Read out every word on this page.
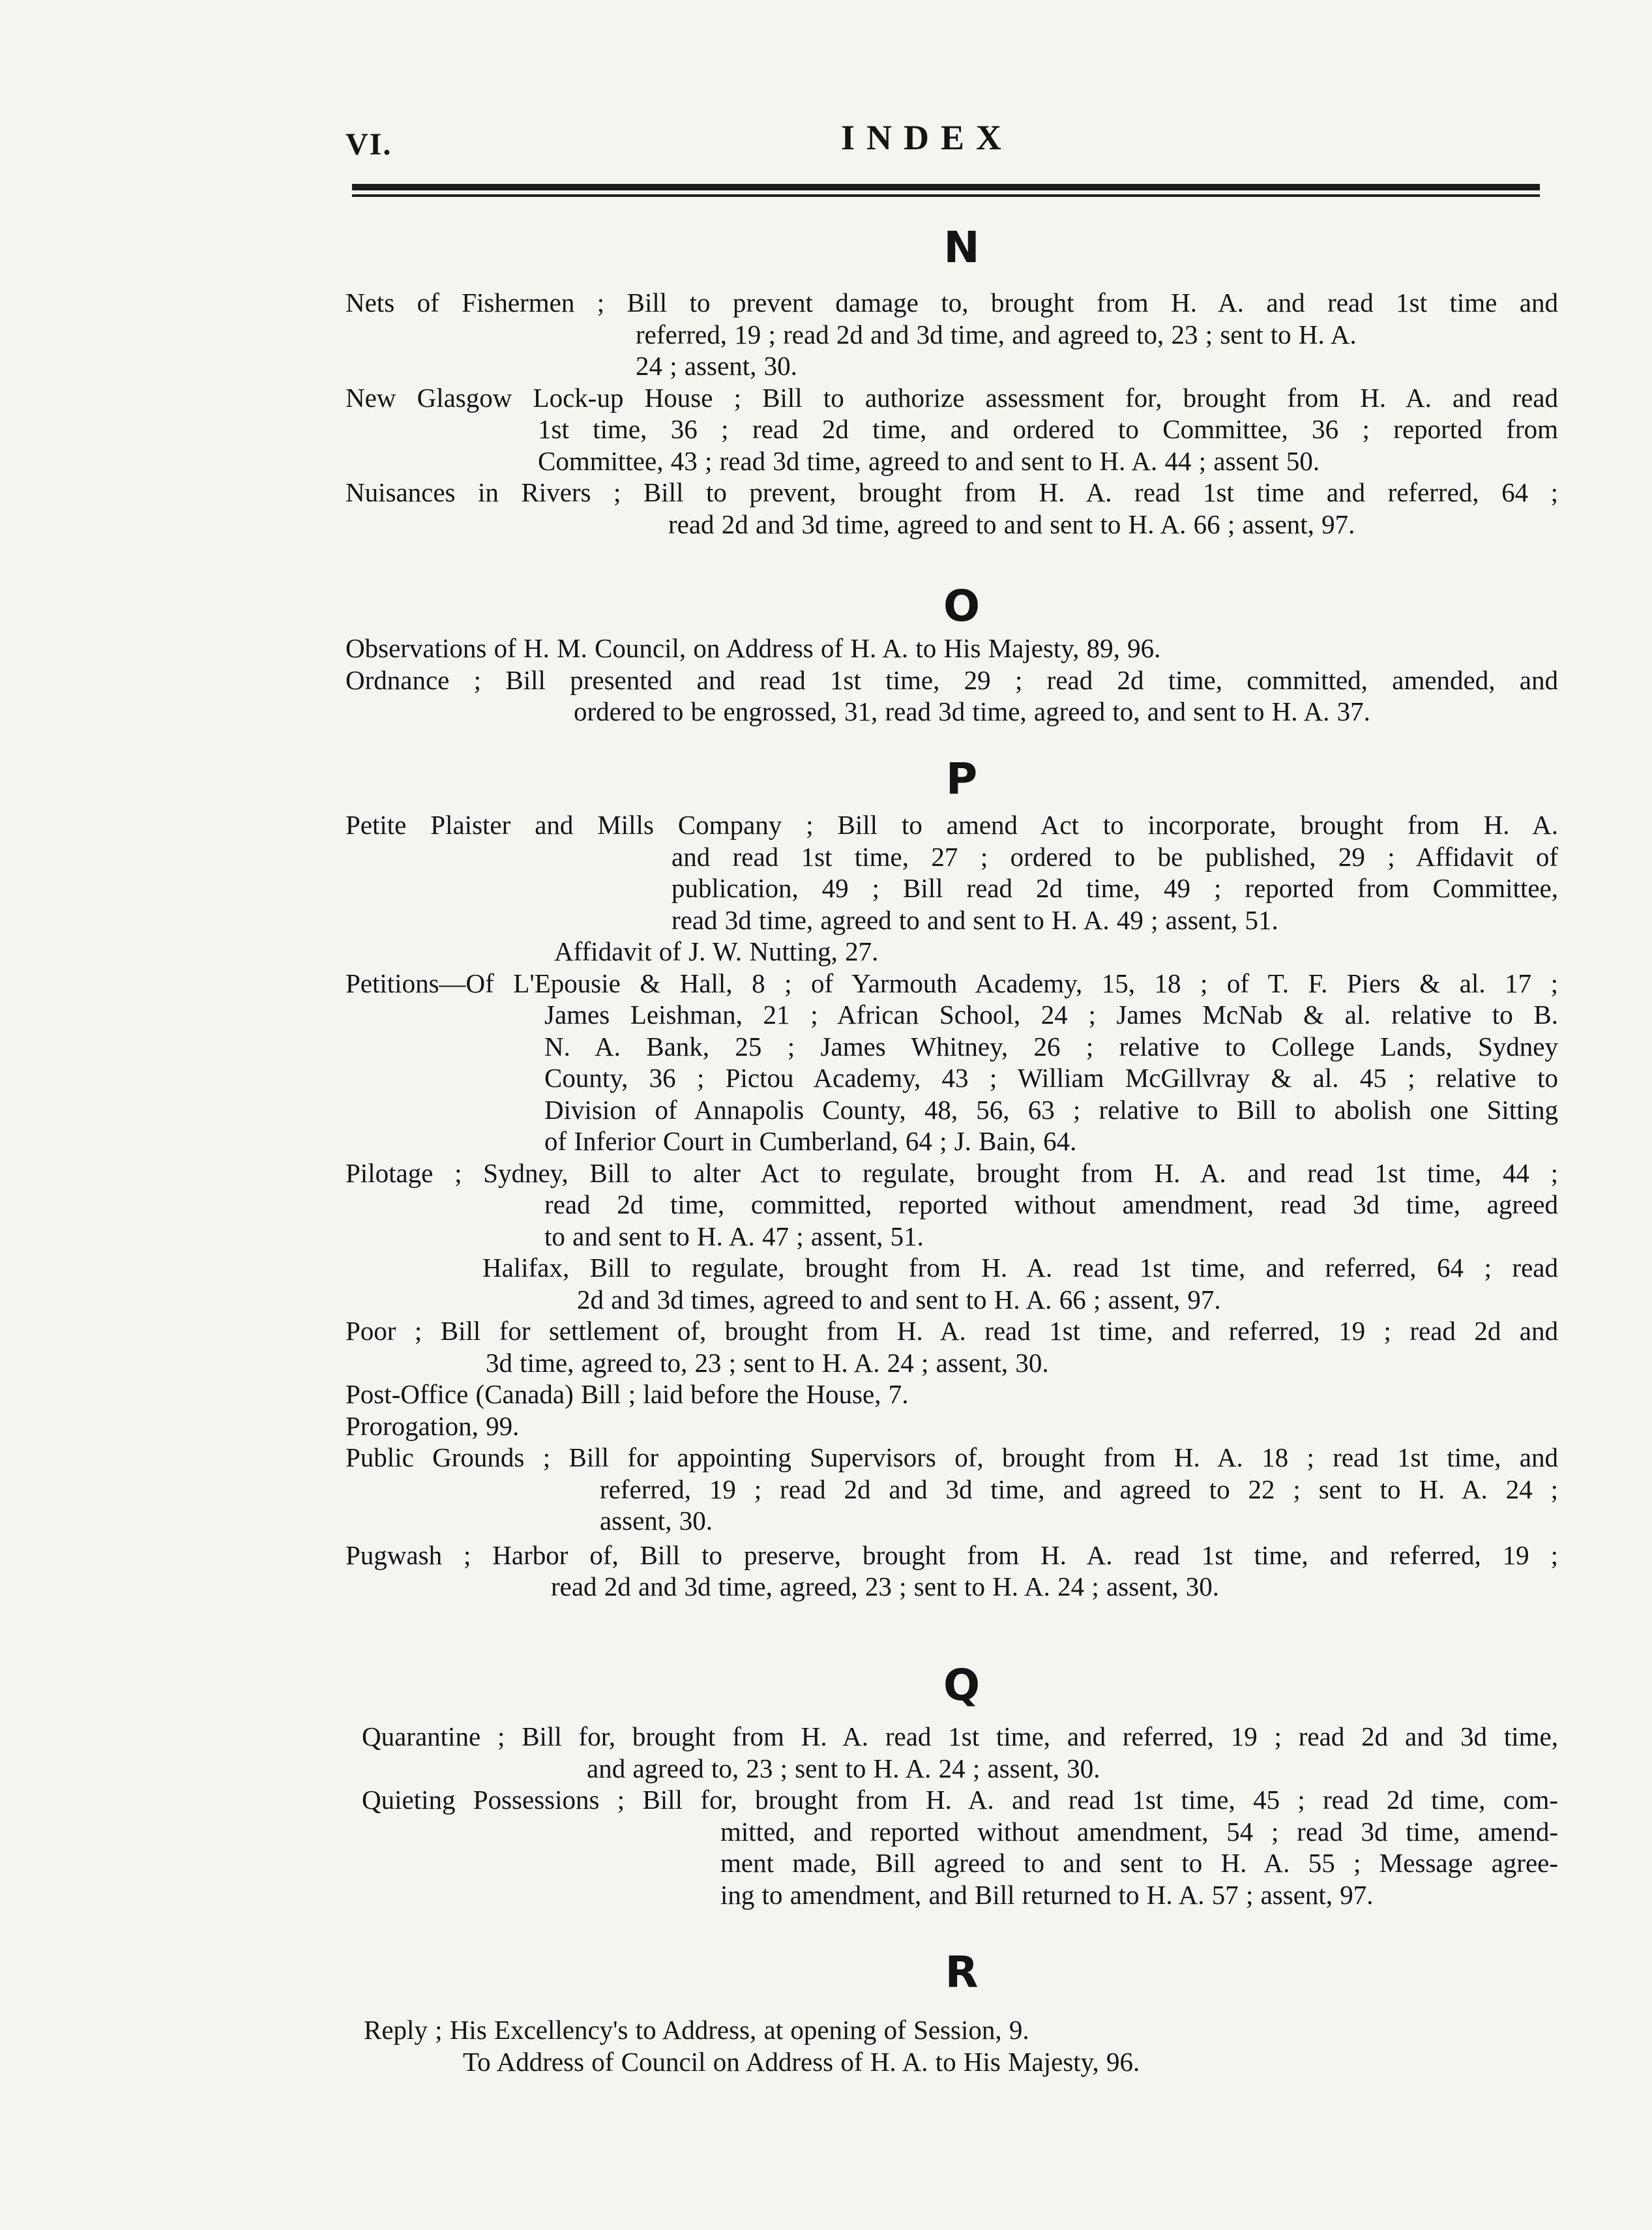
VI.	INDEX
N
Nets of Fishermen ; Bill to prevent damage to, brought from H. A. and read 1st time and
referred, 19 ; read 2d and 3d time, and agreed to, 23 ; sent to H. A.
24 ; assent, 30.
New Glasgow Lock-up House ; Bill to authorize assessment for, brought from H. A. and read
1st time, 36 ; read 2d time, and ordered to Committee, 36 ; reported from
Committee, 43 ; read 3d time, agreed to and sent to H. A. 44 ; assent 50.
Nuisances in Rivers ; Bill to prevent, brought from H. A. read 1st time and referred, 64 ;
read 2d and 3d time, agreed to and sent to H. A. 66 ; assent, 97.
O
Observations of H. M. Council, on Address of H. A. to His Majesty, 89, 96.
Ordnance ; Bill presented and read 1st time, 29 ; read 2d time, committed, amended, and
ordered to be engrossed, 31, read 3d time, agreed to, and sent to H. A. 37.
P
Petite Plaister and Mills Company ; Bill to amend Act to incorporate, brought from H. A.
and read 1st time, 27 ; ordered to be published, 29 ; Affidavit of
publication, 49 ; Bill read 2d time, 49 ; reported from Committee,
read 3d time, agreed to and sent to H. A. 49 ; assent, 51.
Affidavit of J. W. Nutting, 27.
Petitions—Of L'Epousie & Hall, 8 ; of Yarmouth Academy, 15, 18 ; of T. F. Piers & al. 17 ;
James Leishman, 21 ; African School, 24 ; James McNab & al. relative to B.
N. A. Bank, 25 ; James Whitney, 26 ; relative to College Lands, Sydney
County, 36 ; Pictou Academy, 43 ; William McGillvray & al. 45 ; relative to
Division of Annapolis County, 48, 56, 63 ; relative to Bill to abolish one Sitting
of Inferior Court in Cumberland, 64 ; J. Bain, 64.
Pilotage ; Sydney, Bill to alter Act to regulate, brought from H. A. and read 1st time, 44 ;
read 2d time, committed, reported without amendment, read 3d time, agreed
to and sent to H. A. 47 ; assent, 51.
Halifax, Bill to regulate, brought from H. A. read 1st time, and referred, 64 ; read
2d and 3d times, agreed to and sent to H. A. 66 ; assent, 97.
Poor ; Bill for settlement of, brought from H. A. read 1st time, and referred, 19 ; read 2d and
3d time, agreed to, 23 ; sent to H. A. 24 ; assent, 30.
Post-Office (Canada) Bill ; laid before the House, 7.
Prorogation, 99.
Public Grounds ; Bill for appointing Supervisors of, brought from H. A. 18 ; read 1st time, and
referred, 19 ; read 2d and 3d time, and agreed to 22 ; sent to H. A. 24 ;
assent, 30.
Pugwash ; Harbor of, Bill to preserve, brought from H. A. read 1st time, and referred, 19 ;
read 2d and 3d time, agreed, 23 ; sent to H. A. 24 ; assent, 30.
Q
Quarantine ; Bill for, brought from H. A. read 1st time, and referred, 19 ; read 2d and 3d time,
and agreed to, 23 ; sent to H. A. 24 ; assent, 30.
Quieting Possessions ; Bill for, brought from H. A. and read 1st time, 45 ; read 2d time, com-
mitted, and reported without amendment, 54 ; read 3d time, amend-
ment made, Bill agreed to and sent to H. A. 55 ; Message agree-
ing to amendment, and Bill returned to H. A. 57 ; assent, 97.
R
Reply ; His Excellency's to Address, at opening of Session, 9.
To Address of Council on Address of H. A. to His Majesty, 96.
